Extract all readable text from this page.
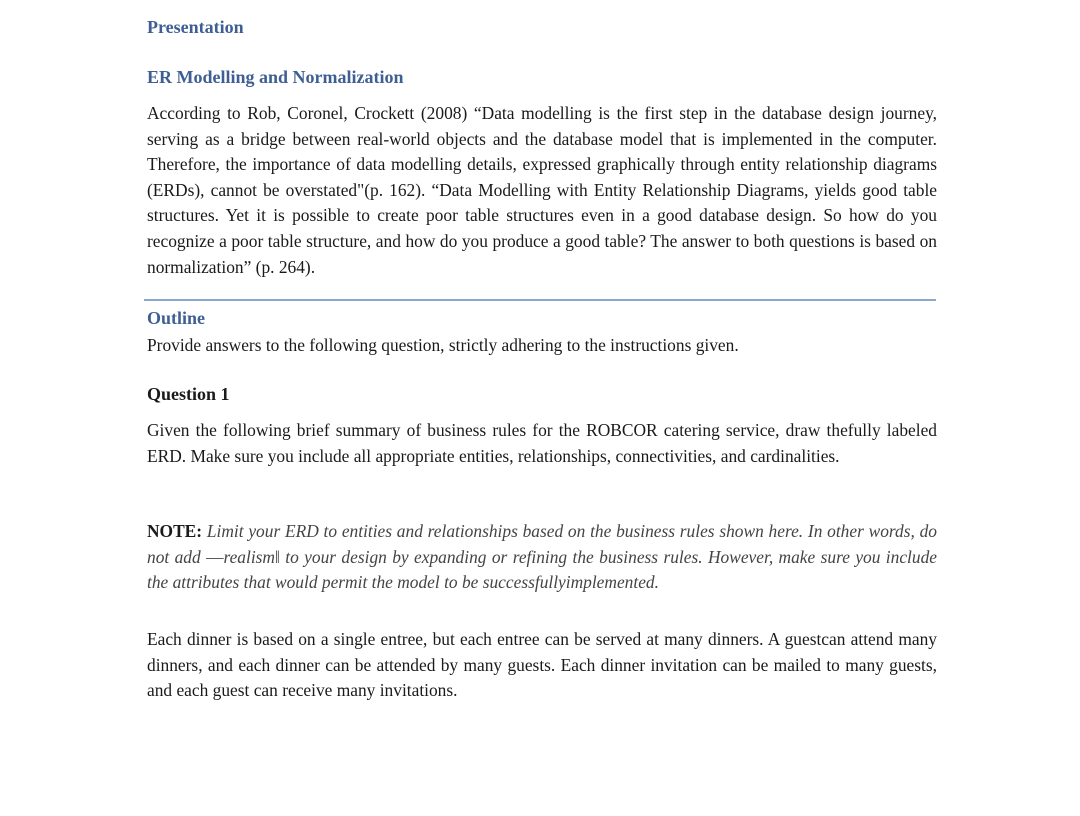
Presentation
ER Modelling and Normalization

According to Rob, Coronel, Crockett (2008) “Data modelling is the first step in the database design journey, serving as a bridge between real-world objects and the database model that is implemented in the computer. Therefore, the importance of data modelling details, expressed graphically through entity relationship diagrams (ERDs), cannot be overstated"(p. 162). “Data Modelling with Entity Relationship Diagrams, yields good table structures. Yet it is possible to create poor table structures even in a good database design. So how do you recognize a poor table structure, and how do you produce a good table? The answer to both questions is based on normalization” (p. 264).

Outline

Provide answers to the following question, strictly adhering to the instructions given.

Question 1

Given the following brief summary of business rules for the ROBCOR catering service, draw thefully labeled ERD. Make sure you include all appropriate entities, relationships, connectivities, and cardinalities.

NOTE: Limit your ERD to entities and relationships based on the business rules shown here. In other words, do not add ―realism‖ to your design by expanding or refining the business rules. However, make sure you include the attributes that would permit the model to be successfullyimplemented.

Each dinner is based on a single entree, but each entree can be served at many dinners. A guestcan attend many dinners, and each dinner can be attended by many guests. Each dinner invitation can be mailed to many guests, and each guest can receive many invitations.
